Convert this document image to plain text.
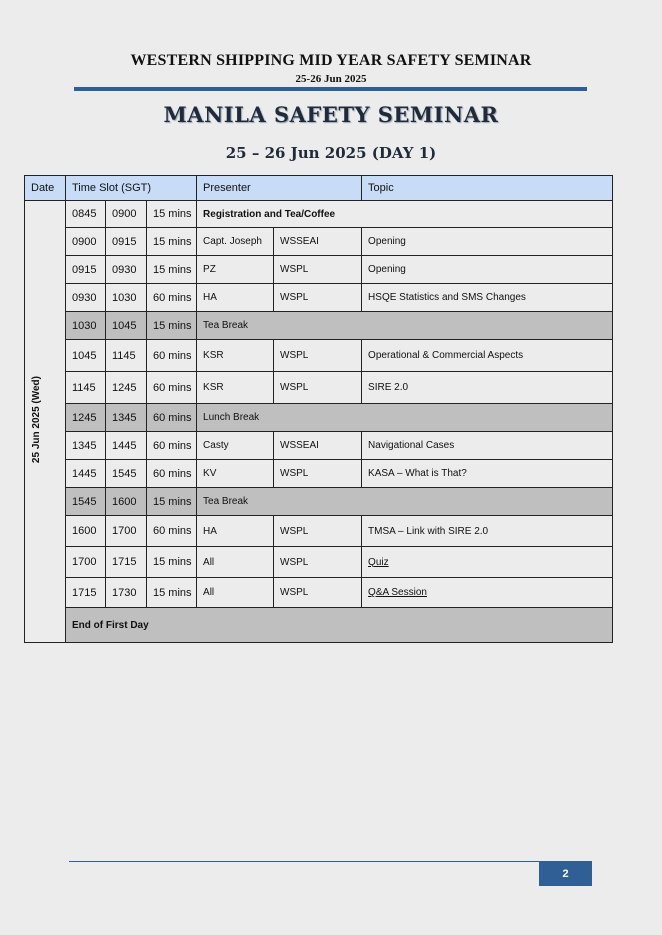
WESTERN SHIPPING MID YEAR SAFETY SEMINAR
25-26 Jun 2025
MANILA SAFETY SEMINAR
25 – 26 Jun 2025 (DAY 1)
Date	Time Slot (SGT)			Presenter		Topic
25 Jun 2025 (Wed)	0845	0900	15 mins	Registration and Tea/Coffee		
	0900	0915	15 mins	Capt. Joseph	WSSEAI	Opening
	0915	0930	15 mins	PZ	WSPL	Opening
	0930	1030	60 mins	HA	WSPL	HSQE Statistics and SMS Changes
	1030	1045	15 mins	Tea Break		
	1045	1145	60 mins	KSR	WSPL	Operational & Commercial Aspects
	1145	1245	60 mins	KSR	WSPL	SIRE 2.0
	1245	1345	60 mins	Lunch Break		
	1345	1445	60 mins	Casty	WSSEAI	Navigational Cases
	1445	1545	60 mins	KV	WSPL	KASA – What is That?
	1545	1600	15 mins	Tea Break		
	1600	1700	60 mins	HA	WSPL	TMSA – Link with SIRE 2.0
	1700	1715	15 mins	All	WSPL	Quiz
	1715	1730	15 mins	All	WSPL	Q&A Session
	End of First Day					
2
